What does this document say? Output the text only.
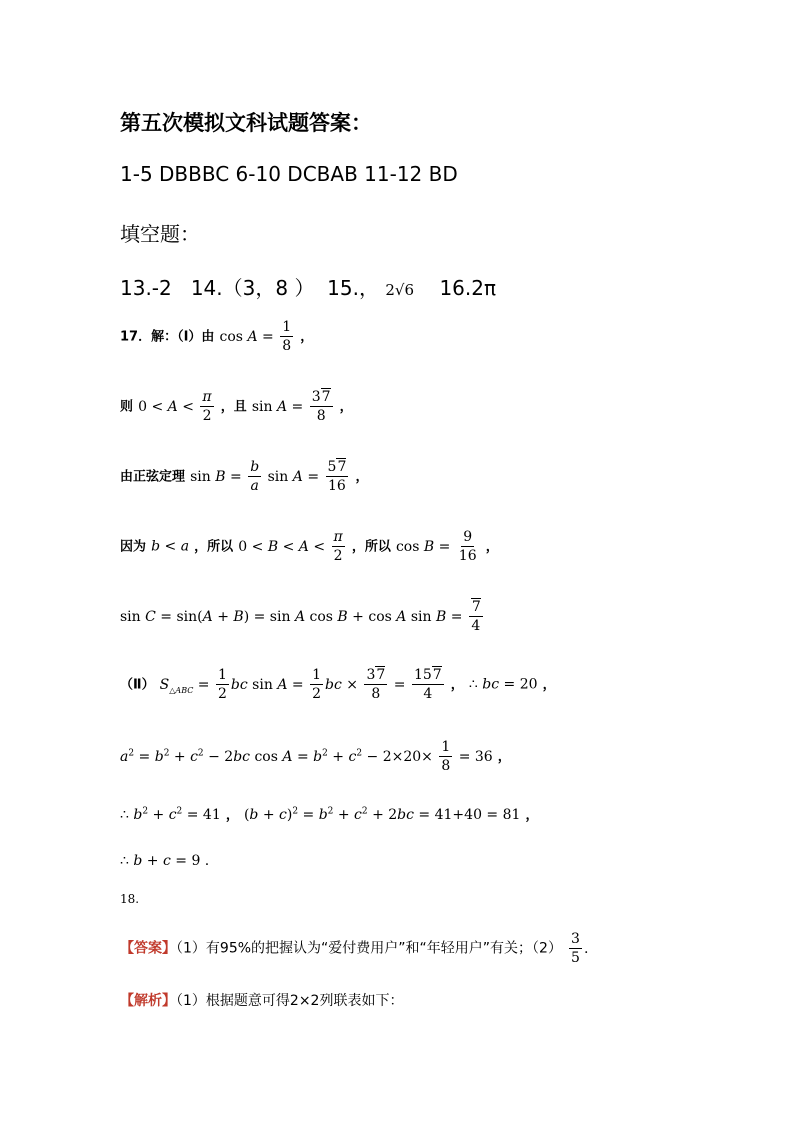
第五次模拟文科试题答案：
1-5 DBBBC 6-10 DCBAB 11-12 BD
填空题：
13.-2 14.（3，8 ） 15.， 2√6 16.2π
17．解：（Ⅰ）由 $\cos A = \frac{1}{8}$ ，
则 $0 < A < \frac{\pi}{2}$ ，且 $\sin A = \frac{37}{8}$ ，
由正弦定理 $\sin B = \frac{b}{a}$ $\sin A = \frac{57}{16}$ ，
因为 b < a ，所以 $0 < B < A < \frac{\pi}{2}$ ，所以 $\cos B = \frac{9}{16}$ ，
sin C = sin(A + B) = sin A cos B + cos A $\sin B = \frac{7}{4}$
（Ⅱ） $S_{\triangle ABC} = \frac{1}{2}$ bc $\sin A = \frac{1}{2}$ bc × $\frac{37}{8} = \frac{157}{4}$ ， ∴ bc = 20 ，
$a^2 = b^2 + c^2 - 2bc$ $\cos A = b^2 + c^2 - 2\times 20\times \frac{1}{8} = 36$ ，
∴ $b^2 + c^2 = 41$ ， $(b + c)^2 = b^2 + c^2 + 2bc = 41+40 = 81$ ，
∴ b + c = 9 .
18.
【答案】（1）有95%的把握认为“爱付费用户”和“年轻用户”有关；$(2) \frac{3}{5}$ .
【解析】（1）根据题意可得2×2列联表如下：
